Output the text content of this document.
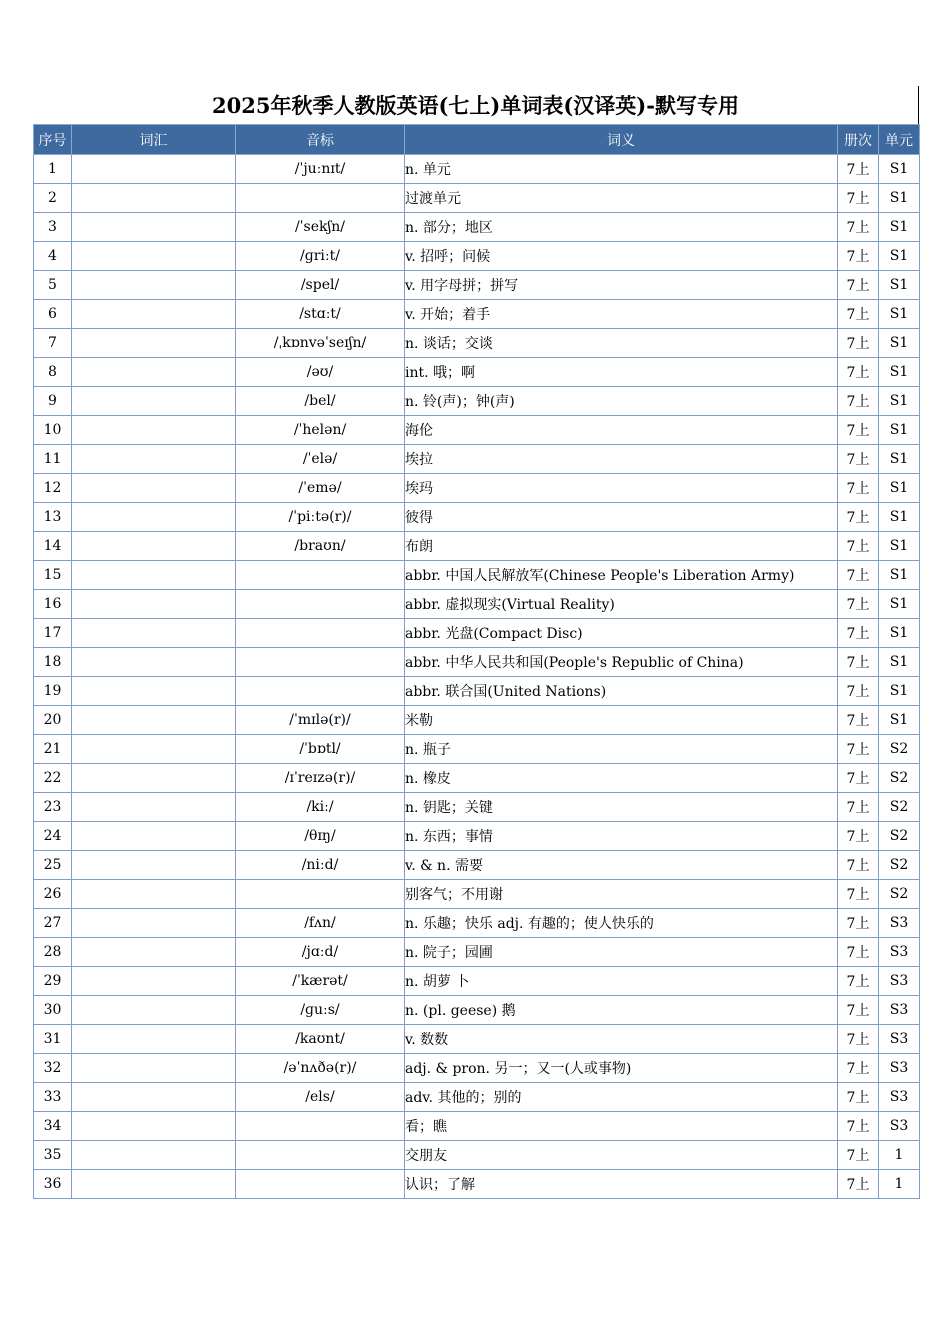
2025年秋季人教版英语(七上)单词表(汉译英)-默写专用
序号	词汇	音标	词义	册次	单元
1		/ˈjuːnɪt/	n. 单元	7上	S1
2			过渡单元	7上	S1
3		/ˈsekʃn/	n. 部分；地区	7上	S1
4		/ɡriːt/	v. 招呼；问候	7上	S1
5		/spel/	v. 用字母拼；拼写	7上	S1
6		/stɑːt/	v. 开始；着手	7上	S1
7		/ˌkɒnvəˈseɪʃn/	n. 谈话；交谈	7上	S1
8		/əʊ/	int. 哦；啊	7上	S1
9		/bel/	n. 铃(声)；钟(声)	7上	S1
10		/ˈhelən/	海伦	7上	S1
11		/ˈelə/	埃拉	7上	S1
12		/ˈemə/	埃玛	7上	S1
13		/ˈpiːtə(r)/	彼得	7上	S1
14		/braʊn/	布朗	7上	S1
15			abbr. 中国人民解放军(Chinese People's Liberation Army)	7上	S1
16			abbr. 虚拟现实(Virtual Reality)	7上	S1
17			abbr. 光盘(Compact Disc)	7上	S1
18			abbr. 中华人民共和国(People's Republic of China)	7上	S1
19			abbr. 联合国(United Nations)	7上	S1
20		/ˈmɪlə(r)/	米勒	7上	S1
21		/ˈbɒtl/	n. 瓶子	7上	S2
22		/ɪˈreɪzə(r)/	n. 橡皮	7上	S2
23		/kiː/	n. 钥匙；关键	7上	S2
24		/θɪŋ/	n. 东西；事情	7上	S2
25		/niːd/	v. & n. 需要	7上	S2
26			别客气；不用谢	7上	S2
27		/fʌn/	n. 乐趣；快乐 adj. 有趣的；使人快乐的	7上	S3
28		/jɑːd/	n. 院子；园圃	7上	S3
29		/ˈkærət/	n. 胡萝 卜	7上	S3
30		/ɡuːs/	n. (pl. geese) 鹅	7上	S3
31		/kaʊnt/	v. 数数	7上	S3
32		/əˈnʌðə(r)/	adj. & pron. 另一；又一(人或事物)	7上	S3
33		/els/	adv. 其他的；别的	7上	S3
34			看；瞧	7上	S3
35			交朋友	7上	1
36			认识；了解	7上	1
